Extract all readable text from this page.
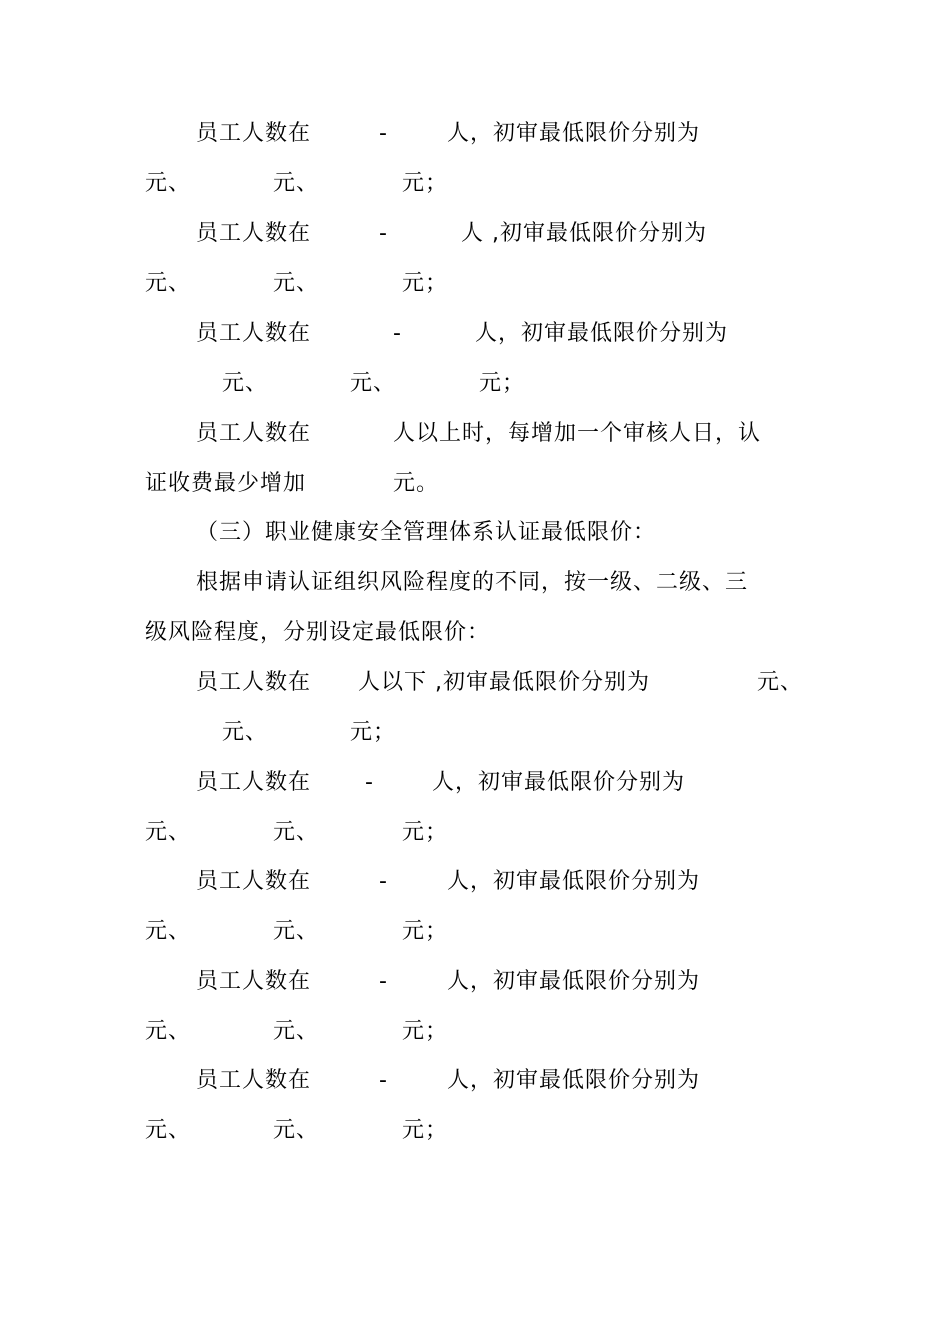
员工人数在	-	人，初审最低限价分别为
元、	元、	元；
员工人数在	-	人 ,初审最低限价分别为
元、	元、	元；
员工人数在	-	人，初审最低限价分别为
元、	元、	元；
员工人数在	人以上时，每增加一个审核人日，认
证收费最少增加	元。
（三）职业健康安全管理体系认证最低限价：
根据申请认证组织风险程度的不同，按一级、二级、三
级风险程度，分别设定最低限价：
员工人数在 人以下 ,初审最低限价分别为	元、
元、	元；
员工人数在 -	人，初审最低限价分别为
元、	元、	元；
员工人数在	-	人，初审最低限价分别为
元、	元、	元；
员工人数在	-	人，初审最低限价分别为
元、	元、	元；
员工人数在	-	人，初审最低限价分别为
元、	元、	元；
